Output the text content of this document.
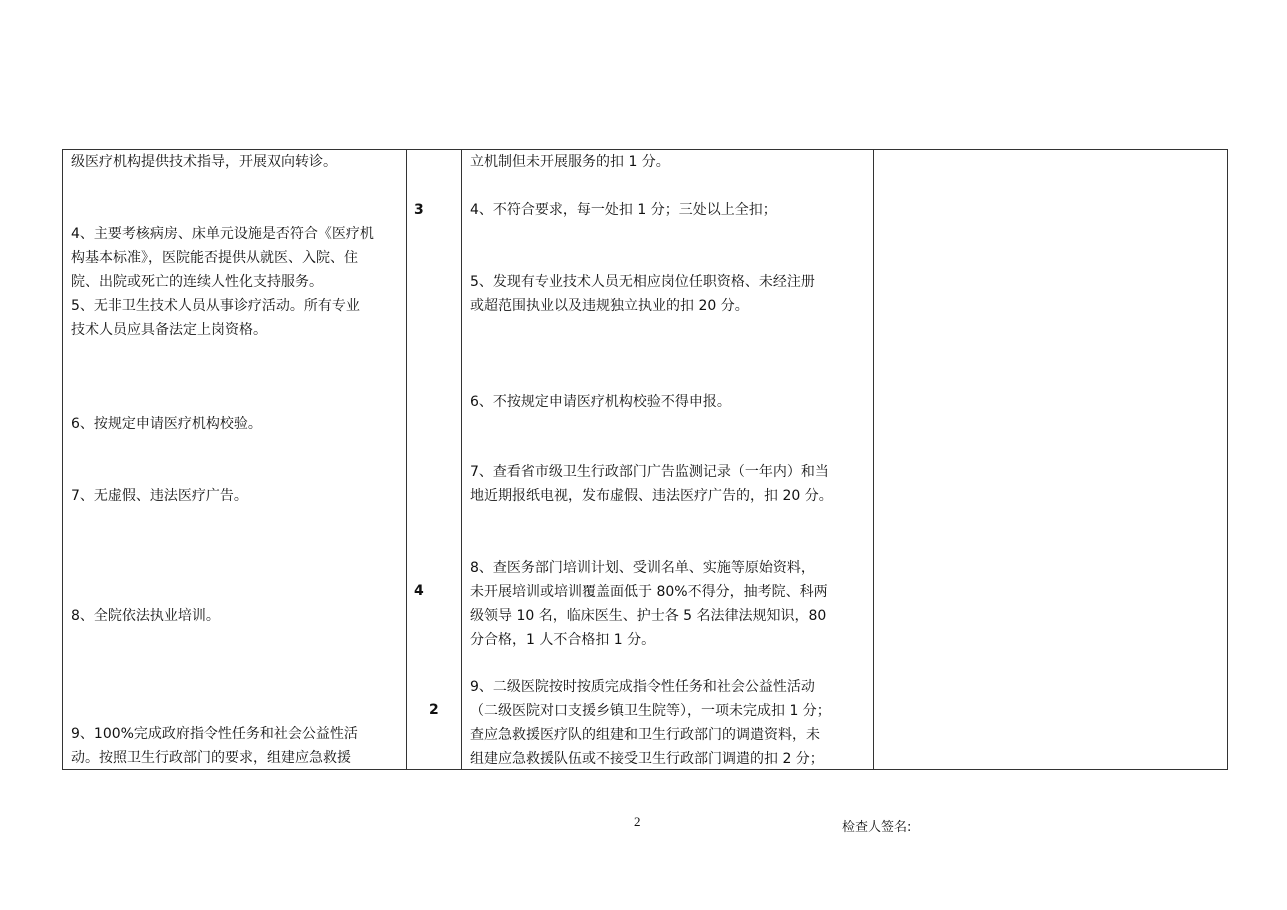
级医疗机构提供技术指导，开展双向转诊。
4、主要考核病房、床单元设施是否符合《医疗机
构基本标准》，医院能否提供从就医、入院、住
院、出院或死亡的连续人性化支持服务。
5、无非卫生技术人员从事诊疗活动。所有专业
技术人员应具备法定上岗资格。
6、按规定申请医疗机构校验。
7、无虚假、违法医疗广告。
8、全院依法执业培训。
9、100%完成政府指令性任务和社会公益性活
动。按照卫生行政部门的要求，组建应急救援
3
4
2
立机制但未开展服务的扣 1 分。
4、不符合要求，每一处扣 1 分；三处以上全扣；
5、发现有专业技术人员无相应岗位任职资格、未经注册
或超范围执业以及违规独立执业的扣 20 分。
6、不按规定申请医疗机构校验不得申报。
7、查看省市级卫生行政部门广告监测记录（一年内）和当
地近期报纸电视，发布虚假、违法医疗广告的，扣 20 分。
8、查医务部门培训计划、受训名单、实施等原始资料，
未开展培训或培训覆盖面低于 80%不得分，抽考院、科两
级领导 10 名，临床医生、护士各 5 名法律法规知识，80
分合格，1 人不合格扣 1 分。
9、二级医院按时按质完成指令性任务和社会公益性活动
（二级医院对口支援乡镇卫生院等），一项未完成扣 1 分；
查应急救援医疗队的组建和卫生行政部门的调遣资料，未
组建应急救援队伍或不接受卫生行政部门调遣的扣 2 分；
2	检查人签名:
